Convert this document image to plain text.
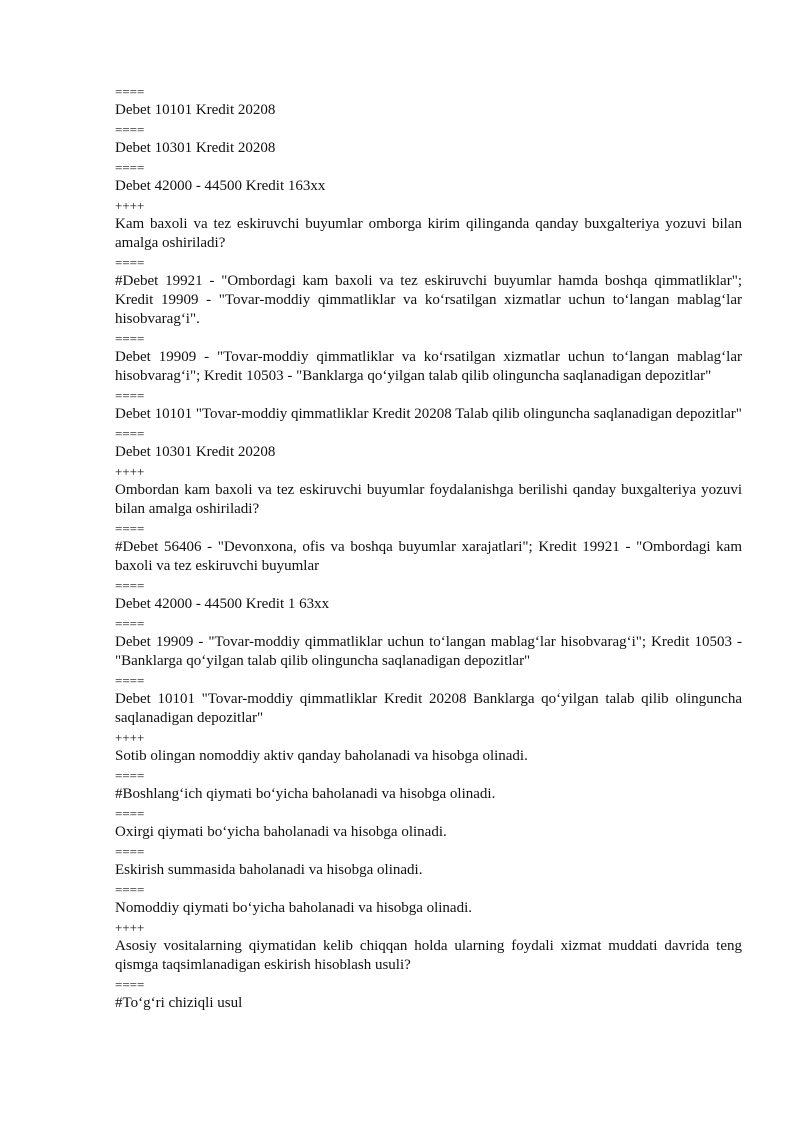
====

Debet 10101 Kredit 20208

====

Debet 10301 Kredit 20208

====

Debet 42000 - 44500 Kredit 163xx

++++

Kam baxoli va tez eskiruvchi buyumlar omborga kirim qilinganda qanday buxgalteriya yozuvi bilan amalga oshiriladi?

====

#Debet 19921 - "Ombordagi kam baxoli va tez eskiruvchi buyumlar hamda boshqa qimmatliklar"; Kredit 19909 - "Tovar-moddiy qimmatliklar va koʻrsatilgan xizmatlar uchun toʻlangan mablagʻlar hisobvaragʻi".

====

Debet 19909 - "Tovar-moddiy qimmatliklar va koʻrsatilgan xizmatlar uchun toʻlangan mablagʻlar hisobvaragʻi"; Kredit 10503 - "Banklarga qoʻyilgan talab qilib olinguncha saqlanadigan depozitlar"

====

Debet 10101 "Tovar-moddiy qimmatliklar Kredit 20208 Talab qilib olinguncha saqlanadigan depozitlar"

====

Debet 10301 Kredit 20208

++++

Ombordan kam baxoli va tez eskiruvchi buyumlar foydalanishga berilishi qanday buxgalteriya yozuvi bilan amalga oshiriladi?

====

#Debet 56406 - "Devonxona, ofis va boshqa buyumlar xarajatlari"; Kredit 19921 - "Ombordagi kam baxoli va tez eskiruvchi buyumlar

====

Debet 42000 - 44500 Kredit 1 63xx

====

Debet 19909 - "Tovar-moddiy qimmatliklar uchun toʻlangan mablagʻlar hisobvaragʻi"; Kredit 10503 - "Banklarga qoʻyilgan talab qilib olinguncha saqlanadigan depozitlar"

====

Debet 10101 "Tovar-moddiy qimmatliklar Kredit 20208 Banklarga qoʻyilgan talab qilib olinguncha saqlanadigan depozitlar"

++++

Sotib olingan nomoddiy aktiv qanday baholanadi va hisobga olinadi.

====

#Boshlangʻich qiymati boʻyicha baholanadi va hisobga olinadi.

====

Oxirgi qiymati boʻyicha baholanadi va hisobga olinadi.

====

Eskirish summasida baholanadi va hisobga olinadi.

====

Nomoddiy qiymati boʻyicha baholanadi va hisobga olinadi.

++++

Asosiy vositalarning qiymatidan kelib chiqqan holda ularning foydali xizmat muddati davrida teng qismga taqsimlanadigan eskirish hisoblash usuli?

====

#Toʻgʻri chiziqli usul
